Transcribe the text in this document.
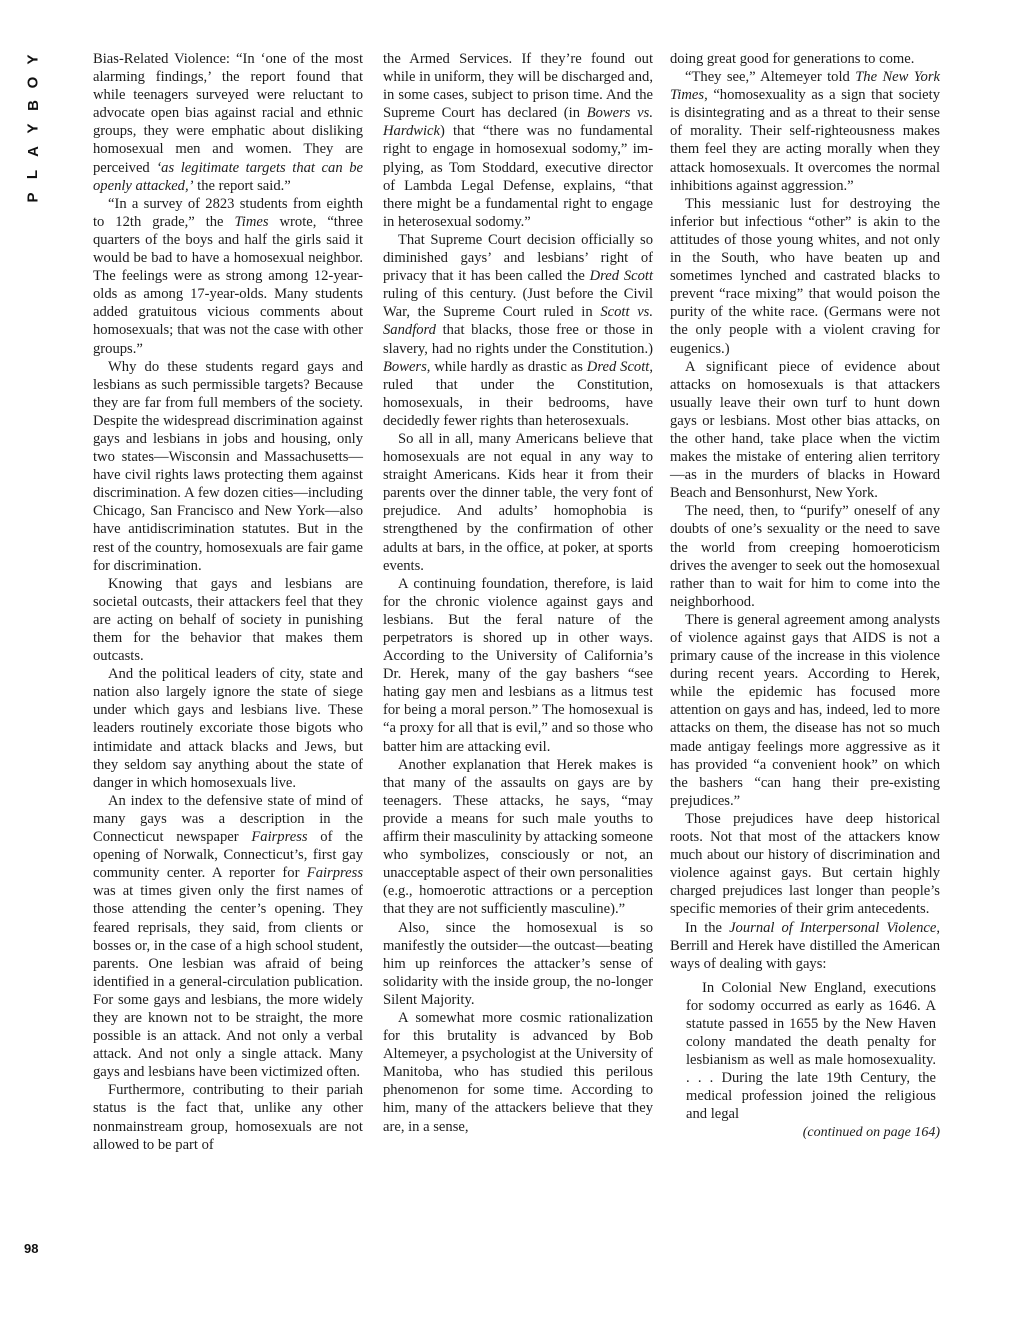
Y
O
B
Y
A
L
P

Bias-Related Violence: “In ‘one of the most alarming findings,’ the report found that while teenagers surveyed were reluctant to advocate open bias against racial and ethnic groups, they were emphatic about disliking homosexual men and women. They are perceived ‘as legitimate targets that can be openly attacked,’ the report said.”

“In a survey of 2823 students from eighth to 12th grade,” the Times wrote, “three quarters of the boys and half the girls said it would be bad to have a homosexual neighbor. The feelings were as strong among 12-year-olds as among 17-year-olds. Many students added gratuitous vicious comments about homosexuals; that was not the case with other groups.”

Why do these students regard gays and lesbians as such permissible targets? Because they are far from full members of the society. Despite the widespread discrimination against gays and lesbians in jobs and housing, only two states—Wisconsin and Massachusetts—have civil rights laws protecting them against discrimination. A few dozen cities—including Chicago, San Francisco and New York—also have antidiscrimination statutes. But in the rest of the country, homosexuals are fair game for discrimination.

Knowing that gays and lesbians are societal outcasts, their attackers feel that they are acting on behalf of society in punishing them for the behavior that makes them outcasts.

And the political leaders of city, state and nation also largely ignore the state of siege under which gays and lesbians live. These leaders routinely excoriate those bigots who intimidate and attack blacks and Jews, but they seldom say anything about the state of danger in which homosexuals live.

An index to the defensive state of mind of many gays was a description in the Connecticut newspaper Fairpress of the opening of Norwalk, Connecticut’s, first gay community center. A reporter for Fairpress was at times given only the first names of those attending the center’s opening. They feared reprisals, they said, from clients or bosses or, in the case of a high school student, parents. One lesbian was afraid of being identified in a general-circulation publication. For some gays and lesbians, the more widely they are known not to be straight, the more possible is an attack. And not only a verbal attack. And not only a single attack. Many gays and lesbians have been victimized often.

Furthermore, contributing to their pariah status is the fact that, unlike any other nonmainstream group, homosexuals are not allowed to be part of

the Armed Services. If they’re found out while in uniform, they will be discharged and, in some cases, subject to prison time. And the Supreme Court has declared (in Bowers vs. Hardwick) that “there was no fundamental right to engage in homosexual sodomy,” implying, as Tom Stoddard, executive director of Lambda Legal Defense, explains, “that there might be a fundamental right to engage in heterosexual sodomy.”

That Supreme Court decision officially so diminished gays’ and lesbians’ right of privacy that it has been called the Dred Scott ruling of this century. (Just before the Civil War, the Supreme Court ruled in Scott vs. Sandford that blacks, those free or those in slavery, had no rights under the Constitution.) Bowers, while hardly as drastic as Dred Scott, ruled that under the Constitution, homosexuals, in their bedrooms, have decidedly fewer rights than heterosexuals.

So all in all, many Americans believe that homosexuals are not equal in any way to straight Americans. Kids hear it from their parents over the dinner table, the very font of prejudice. And adults’ homophobia is strengthened by the confirmation of other adults at bars, in the office, at poker, at sports events.

A continuing foundation, therefore, is laid for the chronic violence against gays and lesbians. But the feral nature of the perpetrators is shored up in other ways. According to the University of California’s Dr. Herek, many of the gay bashers “see hating gay men and lesbians as a litmus test for being a moral person.” The homosexual is “a proxy for all that is evil,” and so those who batter him are attacking evil.

Another explanation that Herek makes is that many of the assaults on gays are by teenagers. These attacks, he says, “may provide a means for such male youths to affirm their masculinity by attacking someone who symbolizes, consciously or not, an unacceptable aspect of their own personalities (e.g., homoerotic attractions or a perception that they are not sufficiently masculine).”

Also, since the homosexual is so manifestly the outsider—the outcast—beating him up reinforces the attacker’s sense of solidarity with the inside group, the no-longer Silent Majority.

A somewhat more cosmic rationalization for this brutality is advanced by Bob Altemeyer, a psychologist at the University of Manitoba, who has studied this perilous phenomenon for some time. According to him, many of the attackers believe that they are, in a sense,

doing great good for generations to come.

“They see,” Altemeyer told The New York Times, “homosexuality as a sign that society is disintegrating and as a threat to their sense of morality. Their self-righteousness makes them feel they are acting morally when they attack homosexuals. It overcomes the normal inhibitions against aggression.”

This messianic lust for destroying the inferior but infectious “other” is akin to the attitudes of those young whites, and not only in the South, who have beaten up and sometimes lynched and castrated blacks to prevent “race mixing” that would poison the purity of the white race. (Germans were not the only people with a violent craving for eugenics.)

A significant piece of evidence about attacks on homosexuals is that attackers usually leave their own turf to hunt down gays or lesbians. Most other bias attacks, on the other hand, take place when the victim makes the mistake of entering alien territory—as in the murders of blacks in Howard Beach and Bensonhurst, New York.

The need, then, to “purify” oneself of any doubts of one’s sexuality or the need to save the world from creeping homoeroticism drives the avenger to seek out the homosexual rather than to wait for him to come into the neighborhood.

There is general agreement among analysts of violence against gays that AIDS is not a primary cause of the increase in this violence during recent years. According to Herek, while the epidemic has focused more attention on gays and has, indeed, led to more attacks on them, the disease has not so much made antigay feelings more aggressive as it has provided “a convenient hook” on which the bashers “can hang their pre-existing prejudices.”

Those prejudices have deep historical roots. Not that most of the attackers know much about our history of discrimination and violence against gays. But certain highly charged prejudices last longer than people’s specific memories of their grim antecedents.

In the Journal of Interpersonal Violence, Berrill and Herek have distilled the American ways of dealing with gays:

In Colonial New England, executions for sodomy occurred as early as 1646. A statute passed in 1655 by the New Haven colony mandated the death penalty for lesbianism as well as male homosexuality. . . . During the late 19th Century, the medical profession joined the religious and legal
(continued on page 164)
98
